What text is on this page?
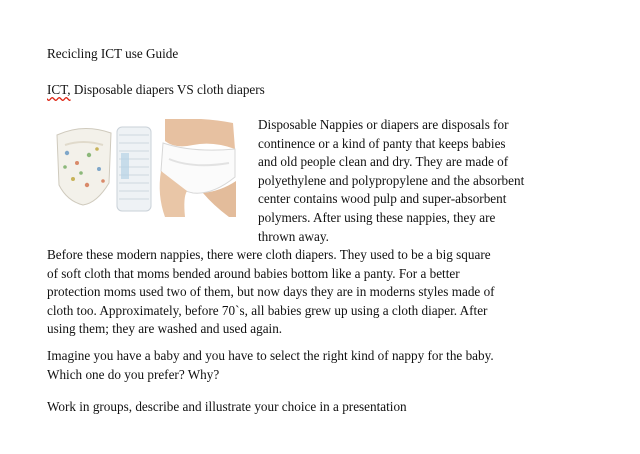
Recicling ICT use Guide
ICT, Disposable diapers VS cloth diapers
Disposable Nappies or diapers are disposals for
continence or a kind of panty that keeps babies
and old people clean and dry. They are made of
polyethylene and polypropylene and the absorbent
center contains wood pulp and super-absorbent
polymers. After using these nappies, they are
thrown away.
Before these modern nappies, there were cloth diapers. They used to be a big square
of soft cloth that moms bended around babies bottom like a panty. For a better
protection moms used two of them, but now days they are in moderns styles made of
cloth too. Approximately, before 70`s, all babies grew up using a cloth diaper. After
using them; they are washed and used again.
Imagine you have a baby and you have to select the right kind of nappy for the baby.
Which one do you prefer? Why?
Work in groups, describe and illustrate your choice in a presentation
